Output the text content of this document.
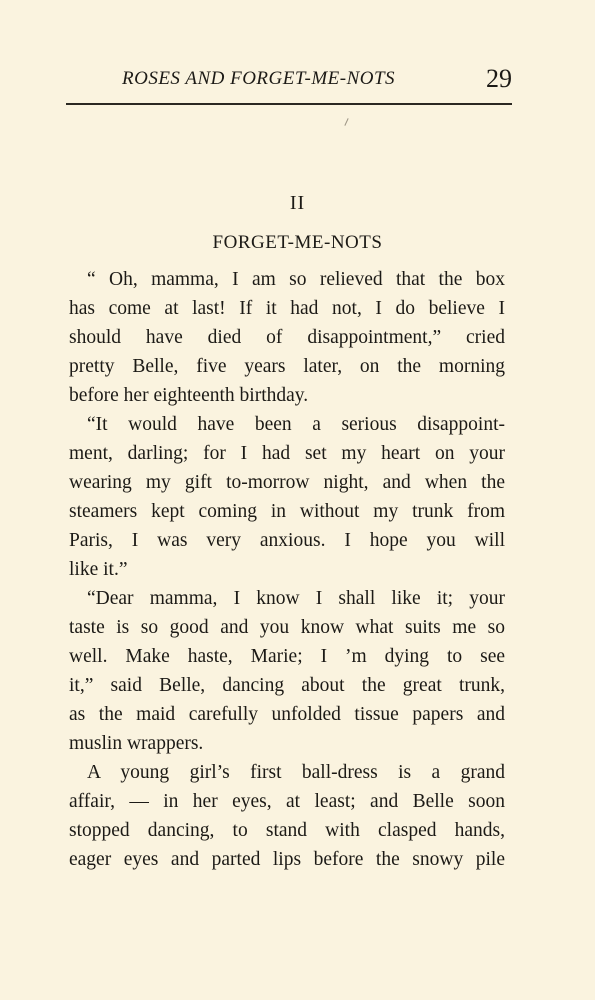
ROSES AND FORGET-ME-NOTS	29
II
FORGET-ME-NOTS
“ Oh, mamma, I am so relieved that the box
has come at last! If it had not, I do believe I
should have died of disappointment,” cried
pretty Belle, five years later, on the morning
before her eighteenth birthday.
“It would have been a serious disappoint-
ment, darling; for I had set my heart on your
wearing my gift to-morrow night, and when the
steamers kept coming in without my trunk from
Paris, I was very anxious. I hope you will
like it.”
“Dear mamma, I know I shall like it; your
taste is so good and you know what suits me so
well. Make haste, Marie; I ’m dying to see
it,” said Belle, dancing about the great trunk,
as the maid carefully unfolded tissue papers and
muslin wrappers.
A young girl’s first ball-dress is a grand
affair, — in her eyes, at least; and Belle soon
stopped dancing, to stand with clasped hands,
eager eyes and parted lips before the snowy pile
